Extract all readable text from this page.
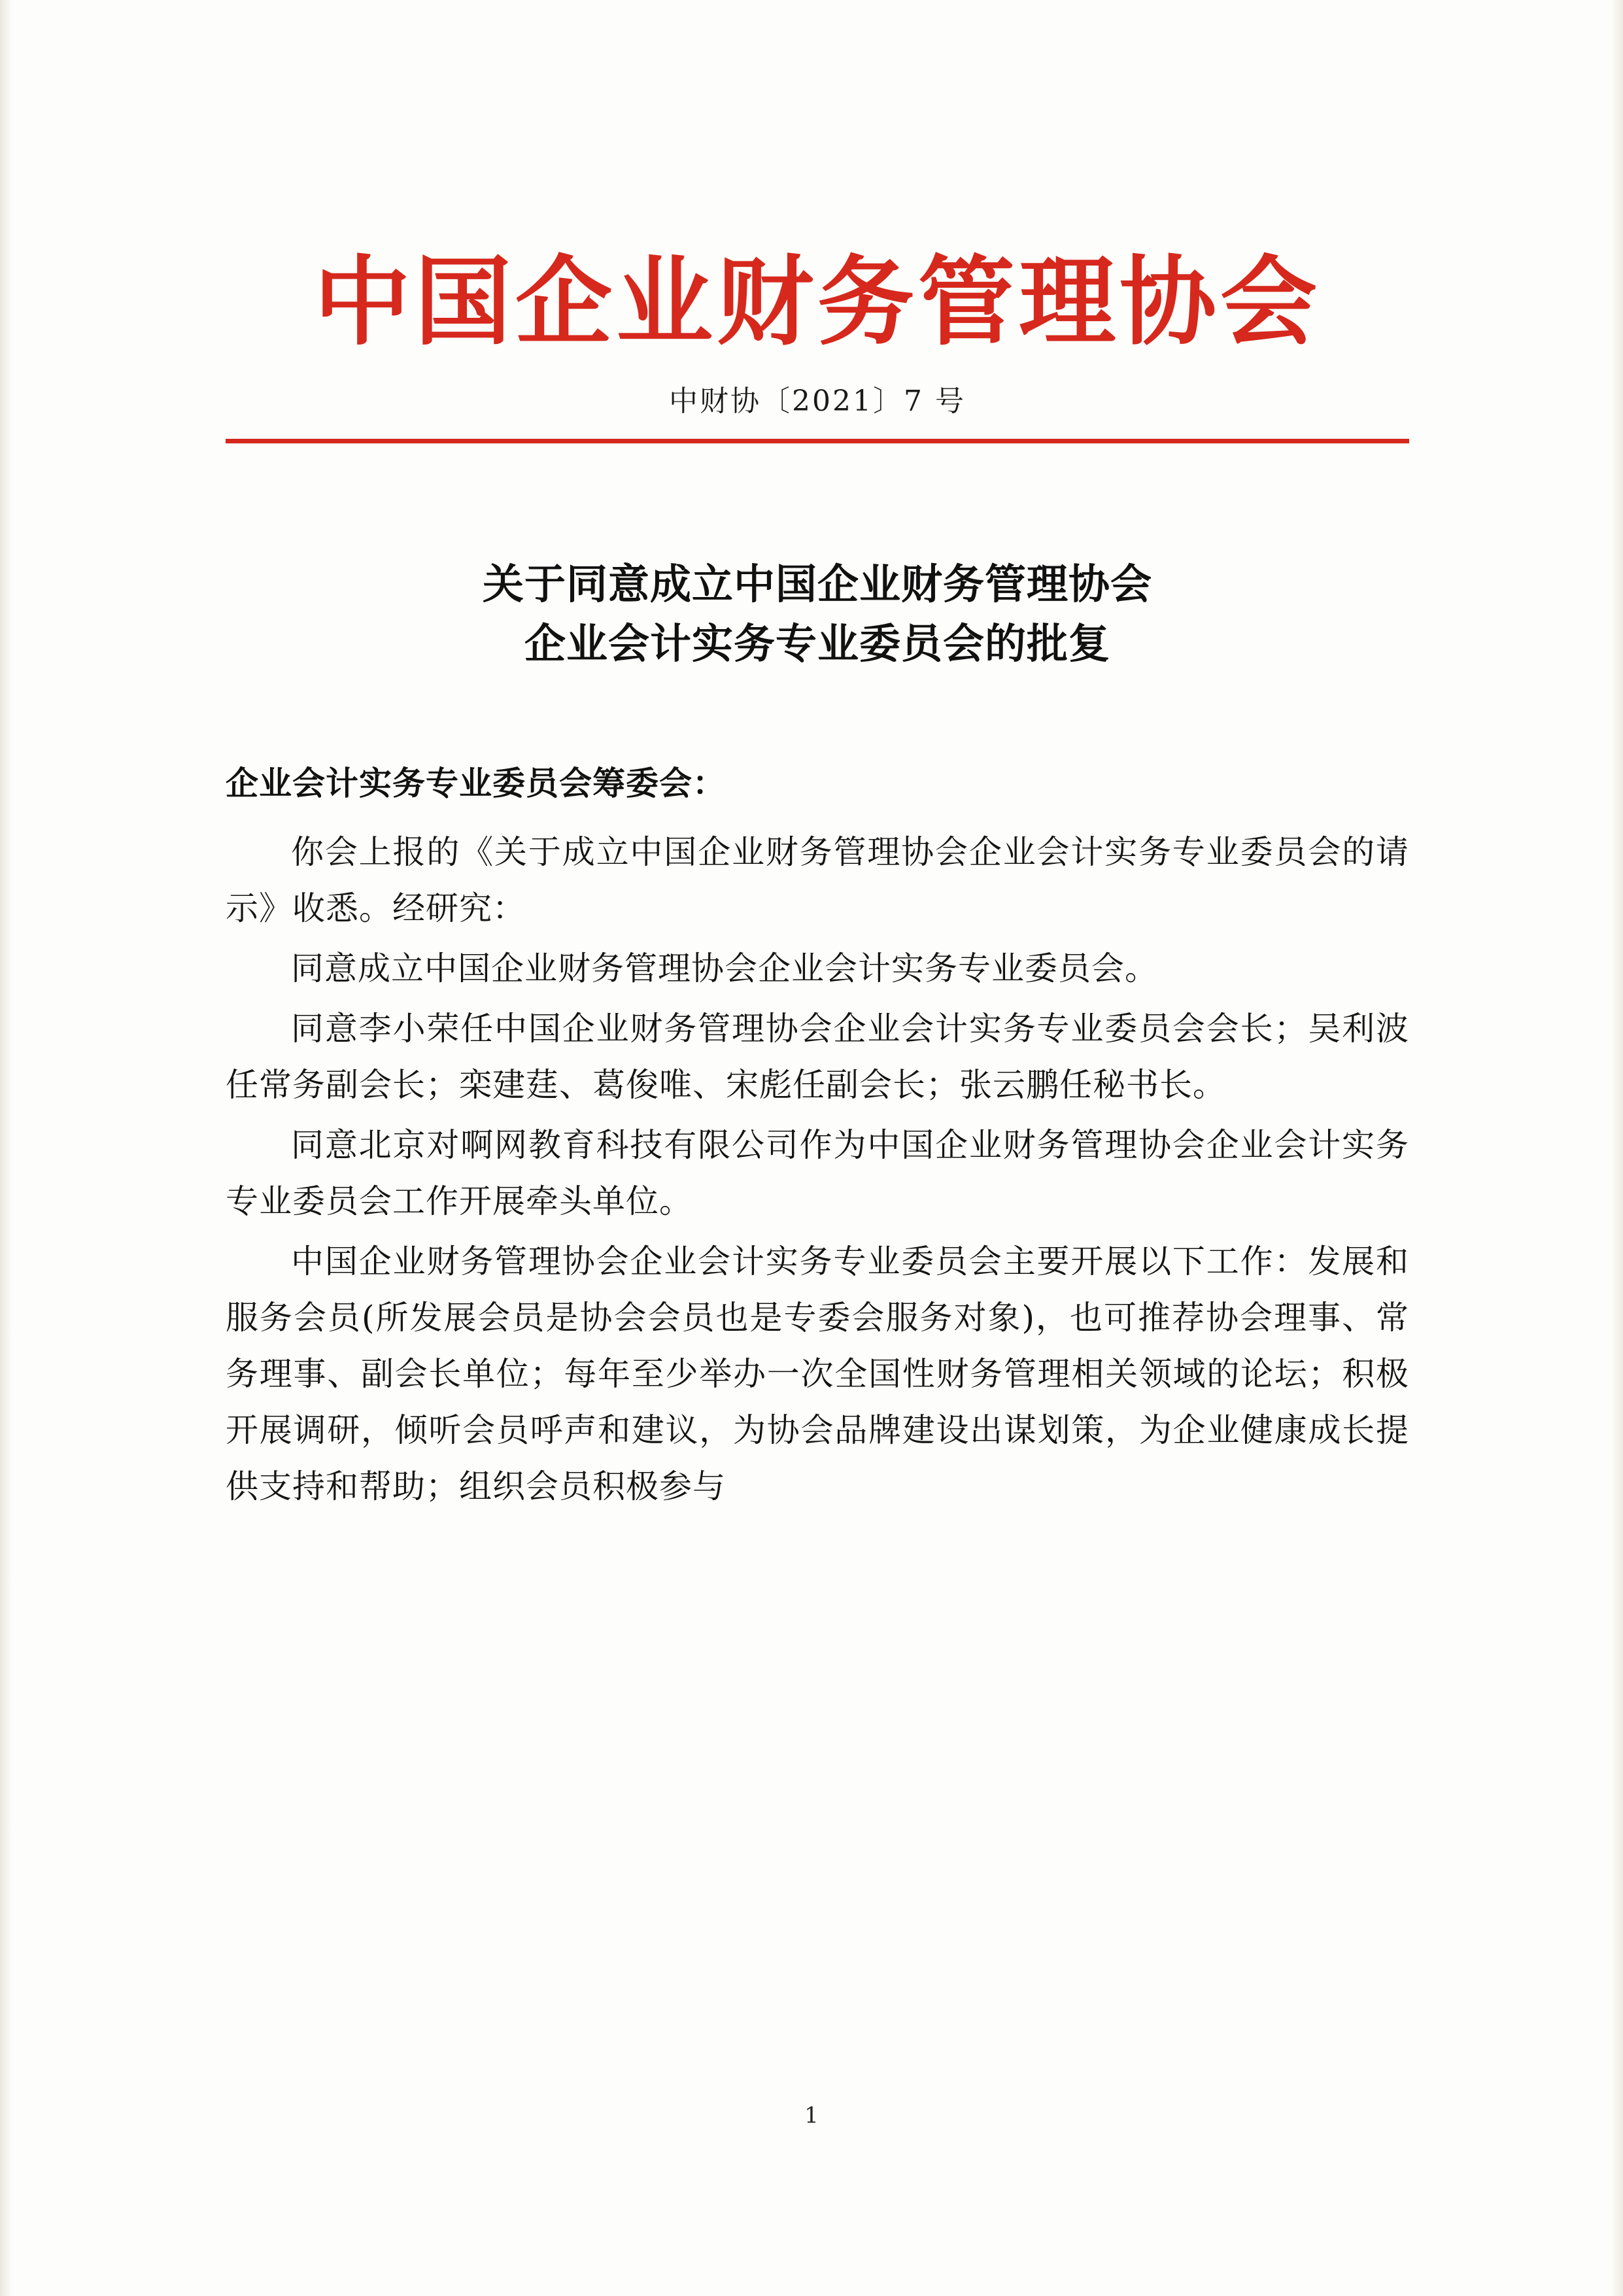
中国企业财务管理协会
中财协〔2021〕7 号
关于同意成立中国企业财务管理协会
企业会计实务专业委员会的批复
企业会计实务专业委员会筹委会：

你会上报的《关于成立中国企业财务管理协会企业会计实务专业委员会的请示》收悉。经研究：

同意成立中国企业财务管理协会企业会计实务专业委员会。

同意李小荣任中国企业财务管理协会企业会计实务专业委员会会长；吴利波任常务副会长；栾建莛、葛俊唯、宋彪任副会长；张云鹏任秘书长。

同意北京对啊网教育科技有限公司作为中国企业财务管理协会企业会计实务专业委员会工作开展牵头单位。

中国企业财务管理协会企业会计实务专业委员会主要开展以下工作：发展和服务会员(所发展会员是协会会员也是专委会服务对象)，也可推荐协会理事、常务理事、副会长单位；每年至少举办一次全国性财务管理相关领域的论坛；积极开展调研，倾听会员呼声和建议，为协会品牌建设出谋划策，为企业健康成长提供支持和帮助；组织会员积极参与

1
